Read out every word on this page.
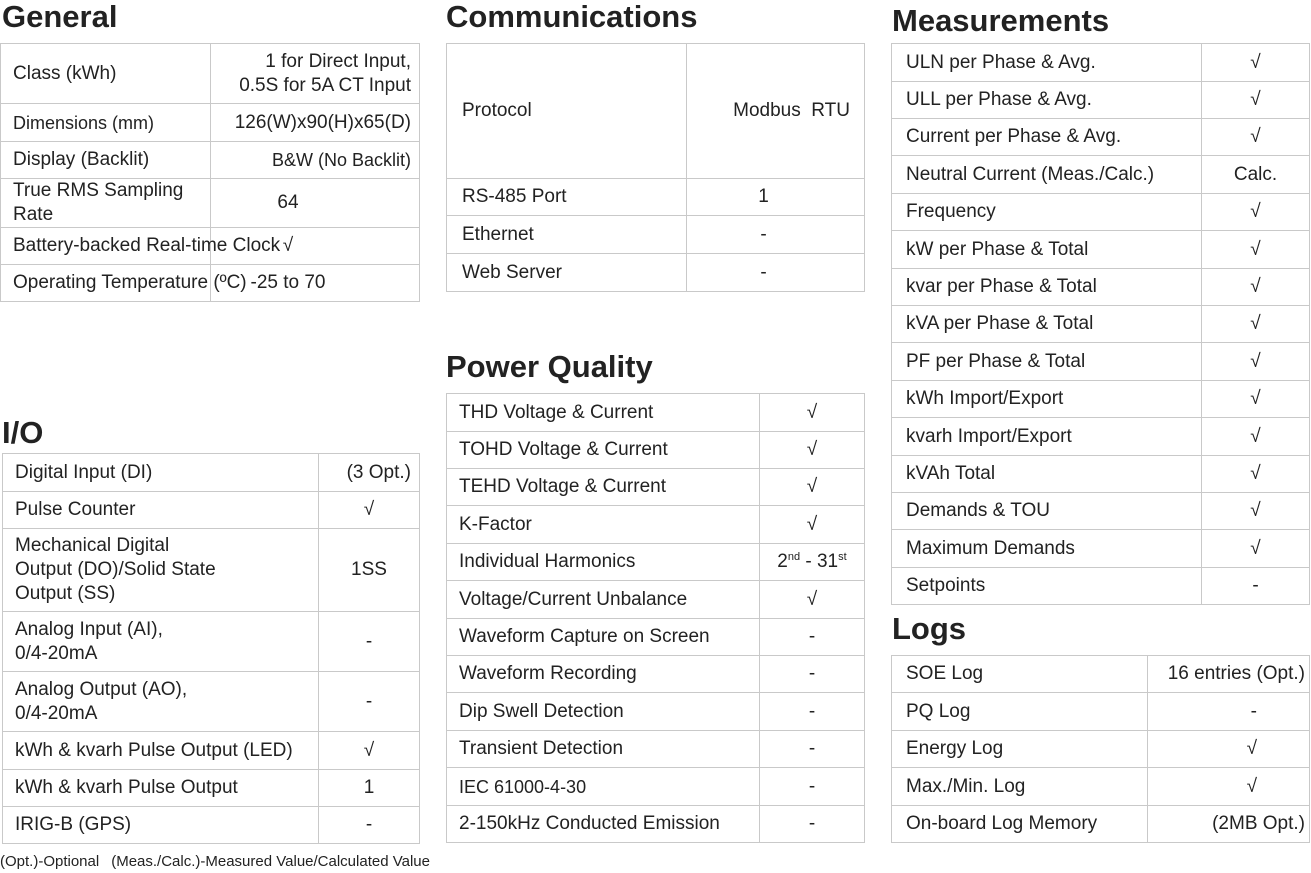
General
Class (kWh)	1 for Direct Input,
0.5S for 5A CT Input

Dimensions (mm)	126(W)x90(H)x65(D)
Display (Backlit)	B&W (No Backlit)
True RMS Sampling Rate	64
Battery-backed Real-time Clock	√
Operating Temperature (ºC)	-25 to 70
I/O
Digital Input (DI)	(3 Opt.)
Pulse Counter	√

Mechanical Digital
Output (DO)/Solid State
Output (SS)	1SS

Analog Input (AI),
0/4-20mA	-

Analog Output (AO),
0/4-20mA	-
kWh & kvarh Pulse Output (LED)	√
kWh & kvarh Pulse Output	1
IRIG-B (GPS)	-
Communications
Protocol	Modbus  RTU
RS-485 Port	1
Ethernet	-
Web Server	-
Power Quality
THD Voltage & Current	√
TOHD Voltage & Current	√
TEHD Voltage & Current	√
K-Factor	√
Individual Harmonics	2nd - 31st
Voltage/Current Unbalance	√
Waveform Capture on Screen	-
Waveform Recording	-
Dip Swell Detection	-
Transient Detection	-
IEC 61000-4-30	-
2-150kHz Conducted Emission	-
Measurements
ULN per Phase & Avg.	√
ULL per Phase & Avg.	√
Current per Phase & Avg.	√
Neutral Current (Meas./Calc.)	Calc.
Frequency	√
kW per Phase & Total	√
kvar per Phase & Total	√
kVA per Phase & Total	√
PF per Phase & Total	√
kWh Import/Export	√
kvarh Import/Export	√
kVAh Total	√
Demands & TOU	√
Maximum Demands	√
Setpoints	-
Logs
SOE Log	16 entries (Opt.)
PQ Log	-
Energy Log	√
Max./Min. Log	√
On-board Log Memory	(2MB Opt.)
(Opt.)-Optional (Meas./Calc.)-Measured Value/Calculated Value
